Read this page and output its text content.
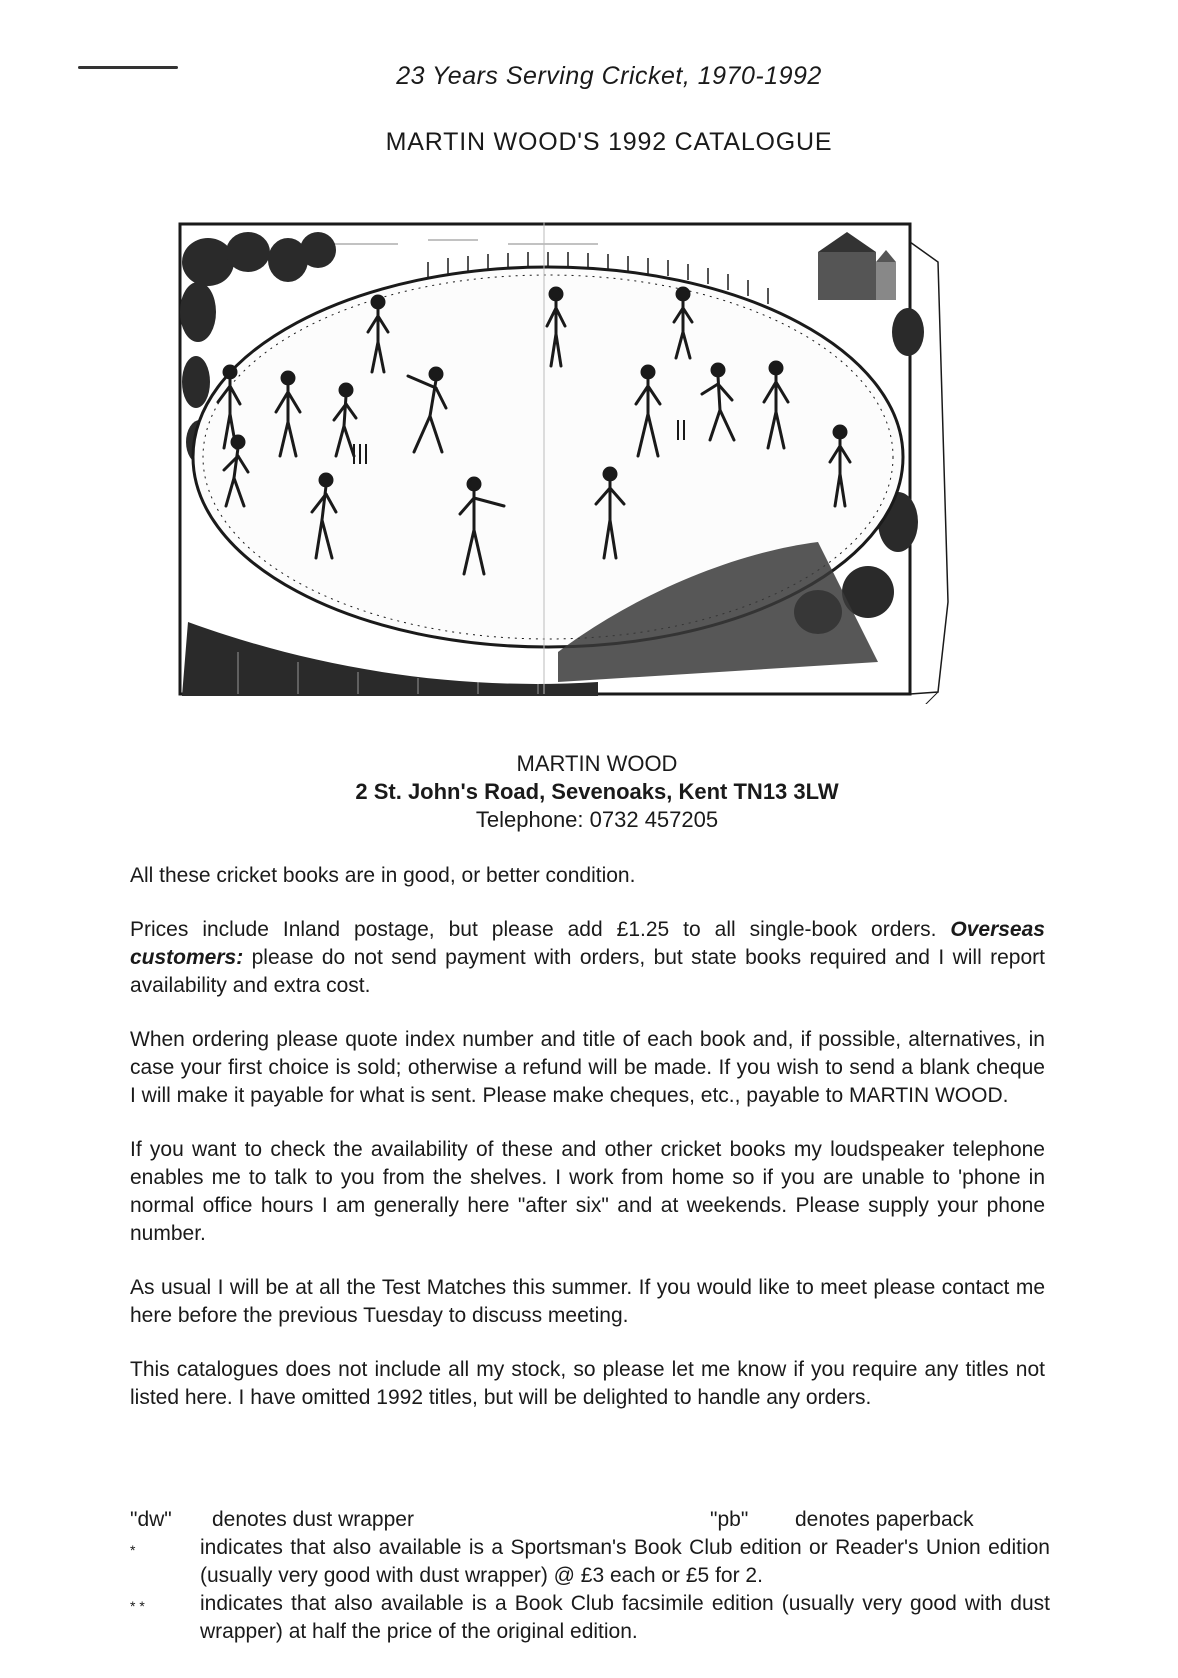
23 Years Serving Cricket, 1970-1992
MARTIN WOOD'S 1992 CATALOGUE
MARTIN WOOD
2 St. John's Road, Sevenoaks, Kent TN13 3LW
Telephone: 0732 457205

All these cricket books are in good, or better condition.

Prices include Inland postage, but please add £1.25 to all single-book orders. Overseas customers: please do not send payment with orders, but state books required and I will report availability and extra cost.

When ordering please quote index number and title of each book and, if possible, alternatives, in case your first choice is sold; otherwise a refund will be made. If you wish to send a blank cheque I will make it payable for what is sent. Please make cheques, etc., payable to MARTIN WOOD.

If you want to check the availability of these and other cricket books my loudspeaker telephone enables me to talk to you from the shelves. I work from home so if you are unable to 'phone in normal office hours I am generally here "after six" and at weekends. Please supply your phone number.

As usual I will be at all the Test Matches this summer. If you would like to meet please contact me here before the previous Tuesday to discuss meeting.

This catalogues does not include all my stock, so please let me know if you require any titles not listed here. I have omitted 1992 titles, but will be delighted to handle any orders.

"dw" denotes dust wrapper	"pb" denotes paperback
*	indicates that also available is a Sportsman's Book Club edition or Reader's Union edition (usually very good with dust wrapper) @ £3 each or £5 for 2.
* *	indicates that also available is a Book Club facsimile edition (usually very good with dust wrapper) at half the price of the original edition.
